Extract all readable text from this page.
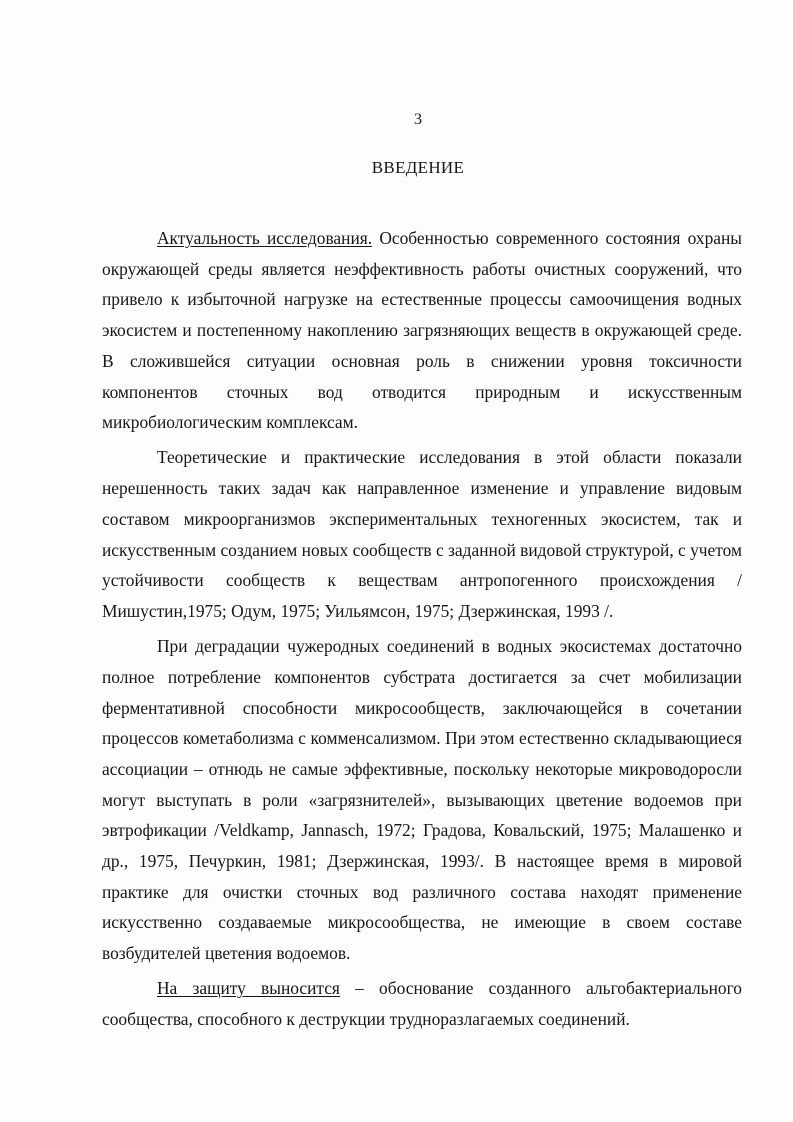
3
ВВЕДЕНИЕ

Актуальность исследования. Особенностью современного состояния охраны окружающей среды является неэффективность работы очистных сооружений, что привело к избыточной нагрузке на естественные процессы самоочищения водных экосистем и постепенному накоплению загрязняющих веществ в окружающей среде. В сложившейся ситуации основная роль в снижении уровня токсичности компонентов сточных вод отводится природным и искусственным микробиологическим комплексам.

Теоретические и практические исследования в этой области показали нерешенность таких задач как направленное изменение и управление видовым составом микроорганизмов экспериментальных техногенных экосистем, так и искусственным созданием новых сообществ с заданной видовой структурой, с учетом устойчивости сообществ к веществам антропогенного происхождения / Мишустин,1975; Одум, 1975; Уильямсон, 1975; Дзержинская, 1993 /.

При деградации чужеродных соединений в водных экосистемах достаточно полное потребление компонентов субстрата достигается за счет мобилизации ферментативной способности микросообществ, заключающейся в сочетании процессов кометаболизма с комменсализмом. При этом естественно складывающиеся ассоциации – отнюдь не самые эффективные, поскольку некоторые микроводоросли могут выступать в роли «загрязнителей», вызывающих цветение водоемов при эвтрофикации /Veldkamp, Jannasch, 1972; Градова, Ковальский, 1975; Малашенко и др., 1975, Печуркин, 1981; Дзержинская, 1993/. В настоящее время в мировой практике для очистки сточных вод различного состава находят применение искусственно создаваемые микросообщества, не имеющие в своем составе возбудителей цветения водоемов.

На защиту выносится – обоснование созданного альгобактериального сообщества, способного к деструкции трудноразлагаемых соединений.
